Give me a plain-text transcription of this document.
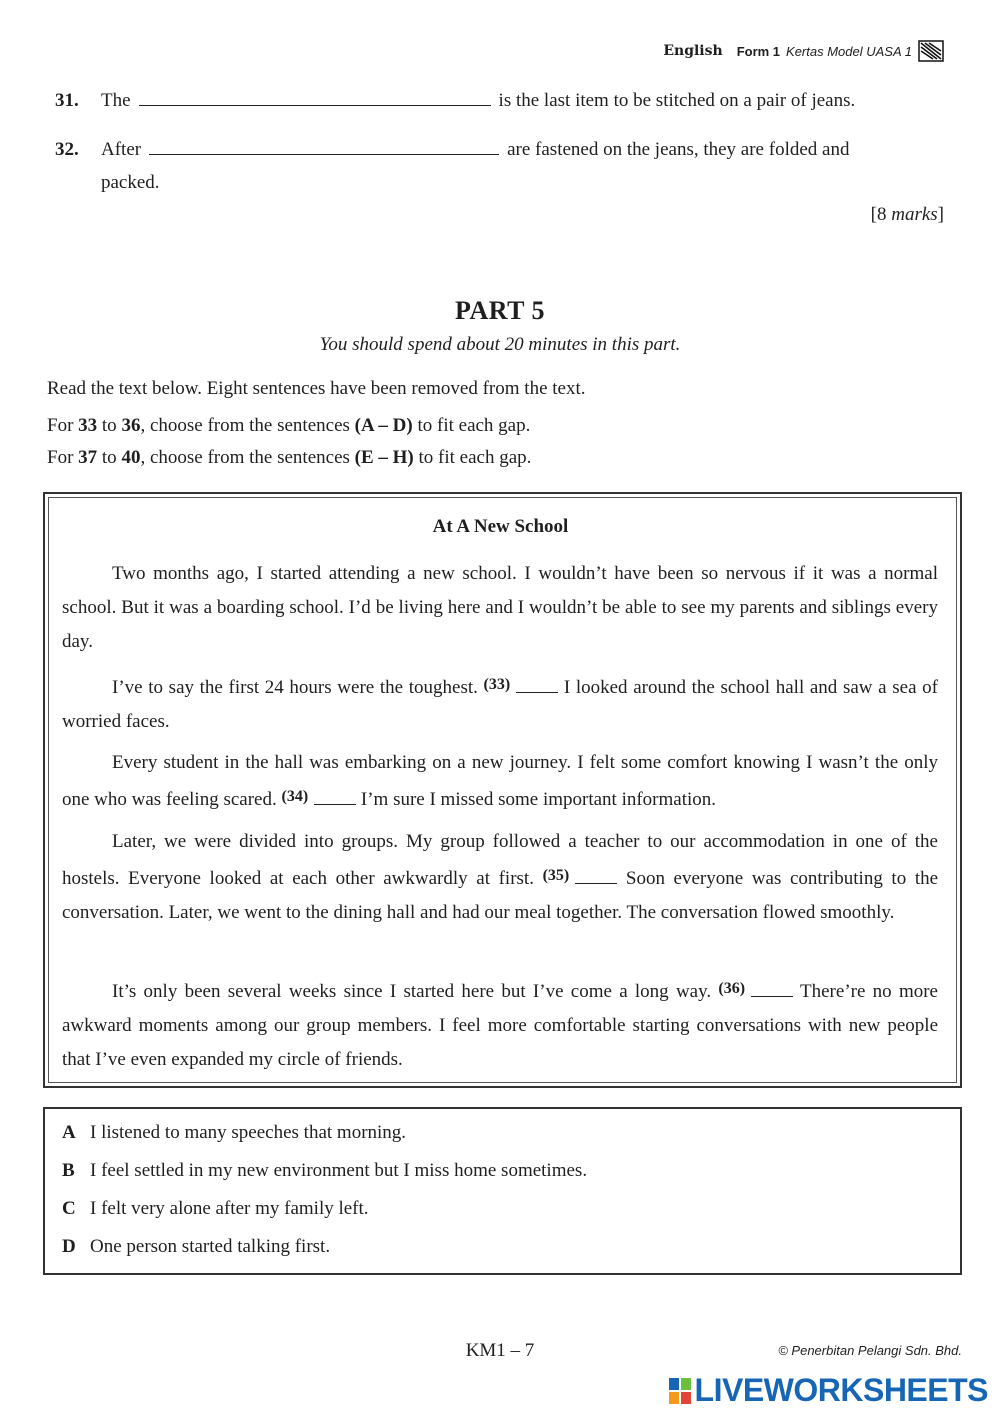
English Form 1 Kertas Model UASA 1
31. The	is the last item to be stitched on a pair of jeans.
32. After	are fastened on the jeans, they are folded and
packed.
[8 marks]
PART 5
You should spend about 20 minutes in this part.
Read the text below. Eight sentences have been removed from the text.
For 33 to 36, choose from the sentences (A – D) to fit each gap.
For 37 to 40, choose from the sentences (E – H) to fit each gap.
At A New School
Two months ago, I started attending a new school. I wouldn’t have been so nervous if it was a normal school. But it was a boarding school. I’d be living here and I wouldn’t be able to see my parents and siblings every day.
I’ve to say the first 24 hours were the toughest. $^{(33)}$	I looked around the school hall and saw a sea of worried faces.
Every student in the hall was embarking on a new journey. I felt some comfort knowing I wasn’t the only one who was feeling scared. $^{(34)}$	I’m sure I missed some important information.
Later, we were divided into groups. My group followed a teacher to our accommodation in one of the hostels. Everyone looked at each other awkwardly at first. $^{(35)}$	Soon everyone was contributing to the conversation. Later, we went to the dining hall and had our meal together. The conversation flowed smoothly.
It’s only been several weeks since I started here but I’ve come a long way. $^{(36)}$	There’re no more awkward moments among our group members. I feel more comfortable starting conversations with new people that I’ve even expanded my circle of friends.
A I listened to many speeches that morning.
B I feel settled in my new environment but I miss home sometimes.
C I felt very alone after my family left.
D One person started talking first.
KM1 – 7	© Penerbitan Pelangi Sdn. Bhd.
LIVEWORKSHEETS
